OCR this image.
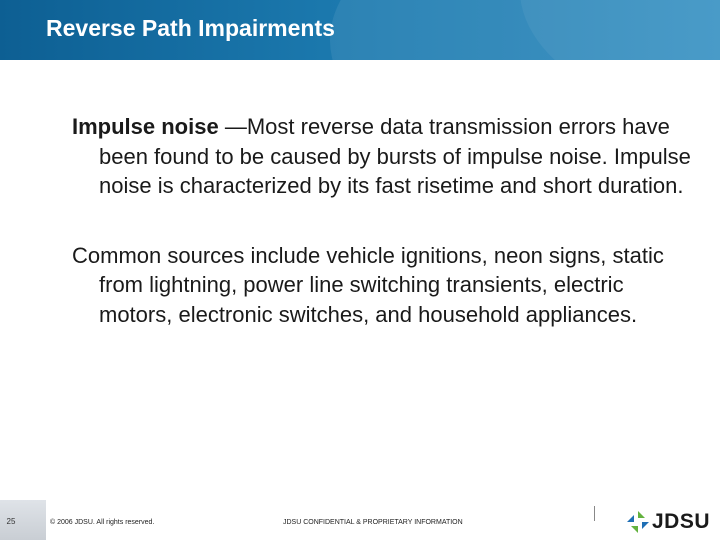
Reverse Path Impairments

Impulse noise —Most reverse data transmission errors have been found to be caused by bursts of impulse noise. Impulse noise is characterized by its fast risetime and short duration.

Common sources include vehicle ignitions, neon signs, static from lightning, power line switching transients, electric motors, electronic switches, and household appliances.

25	© 2006 JDSU. All rights reserved.	JDSU CONFIDENTIAL & PROPRIETARY INFORMATION	JDSU
